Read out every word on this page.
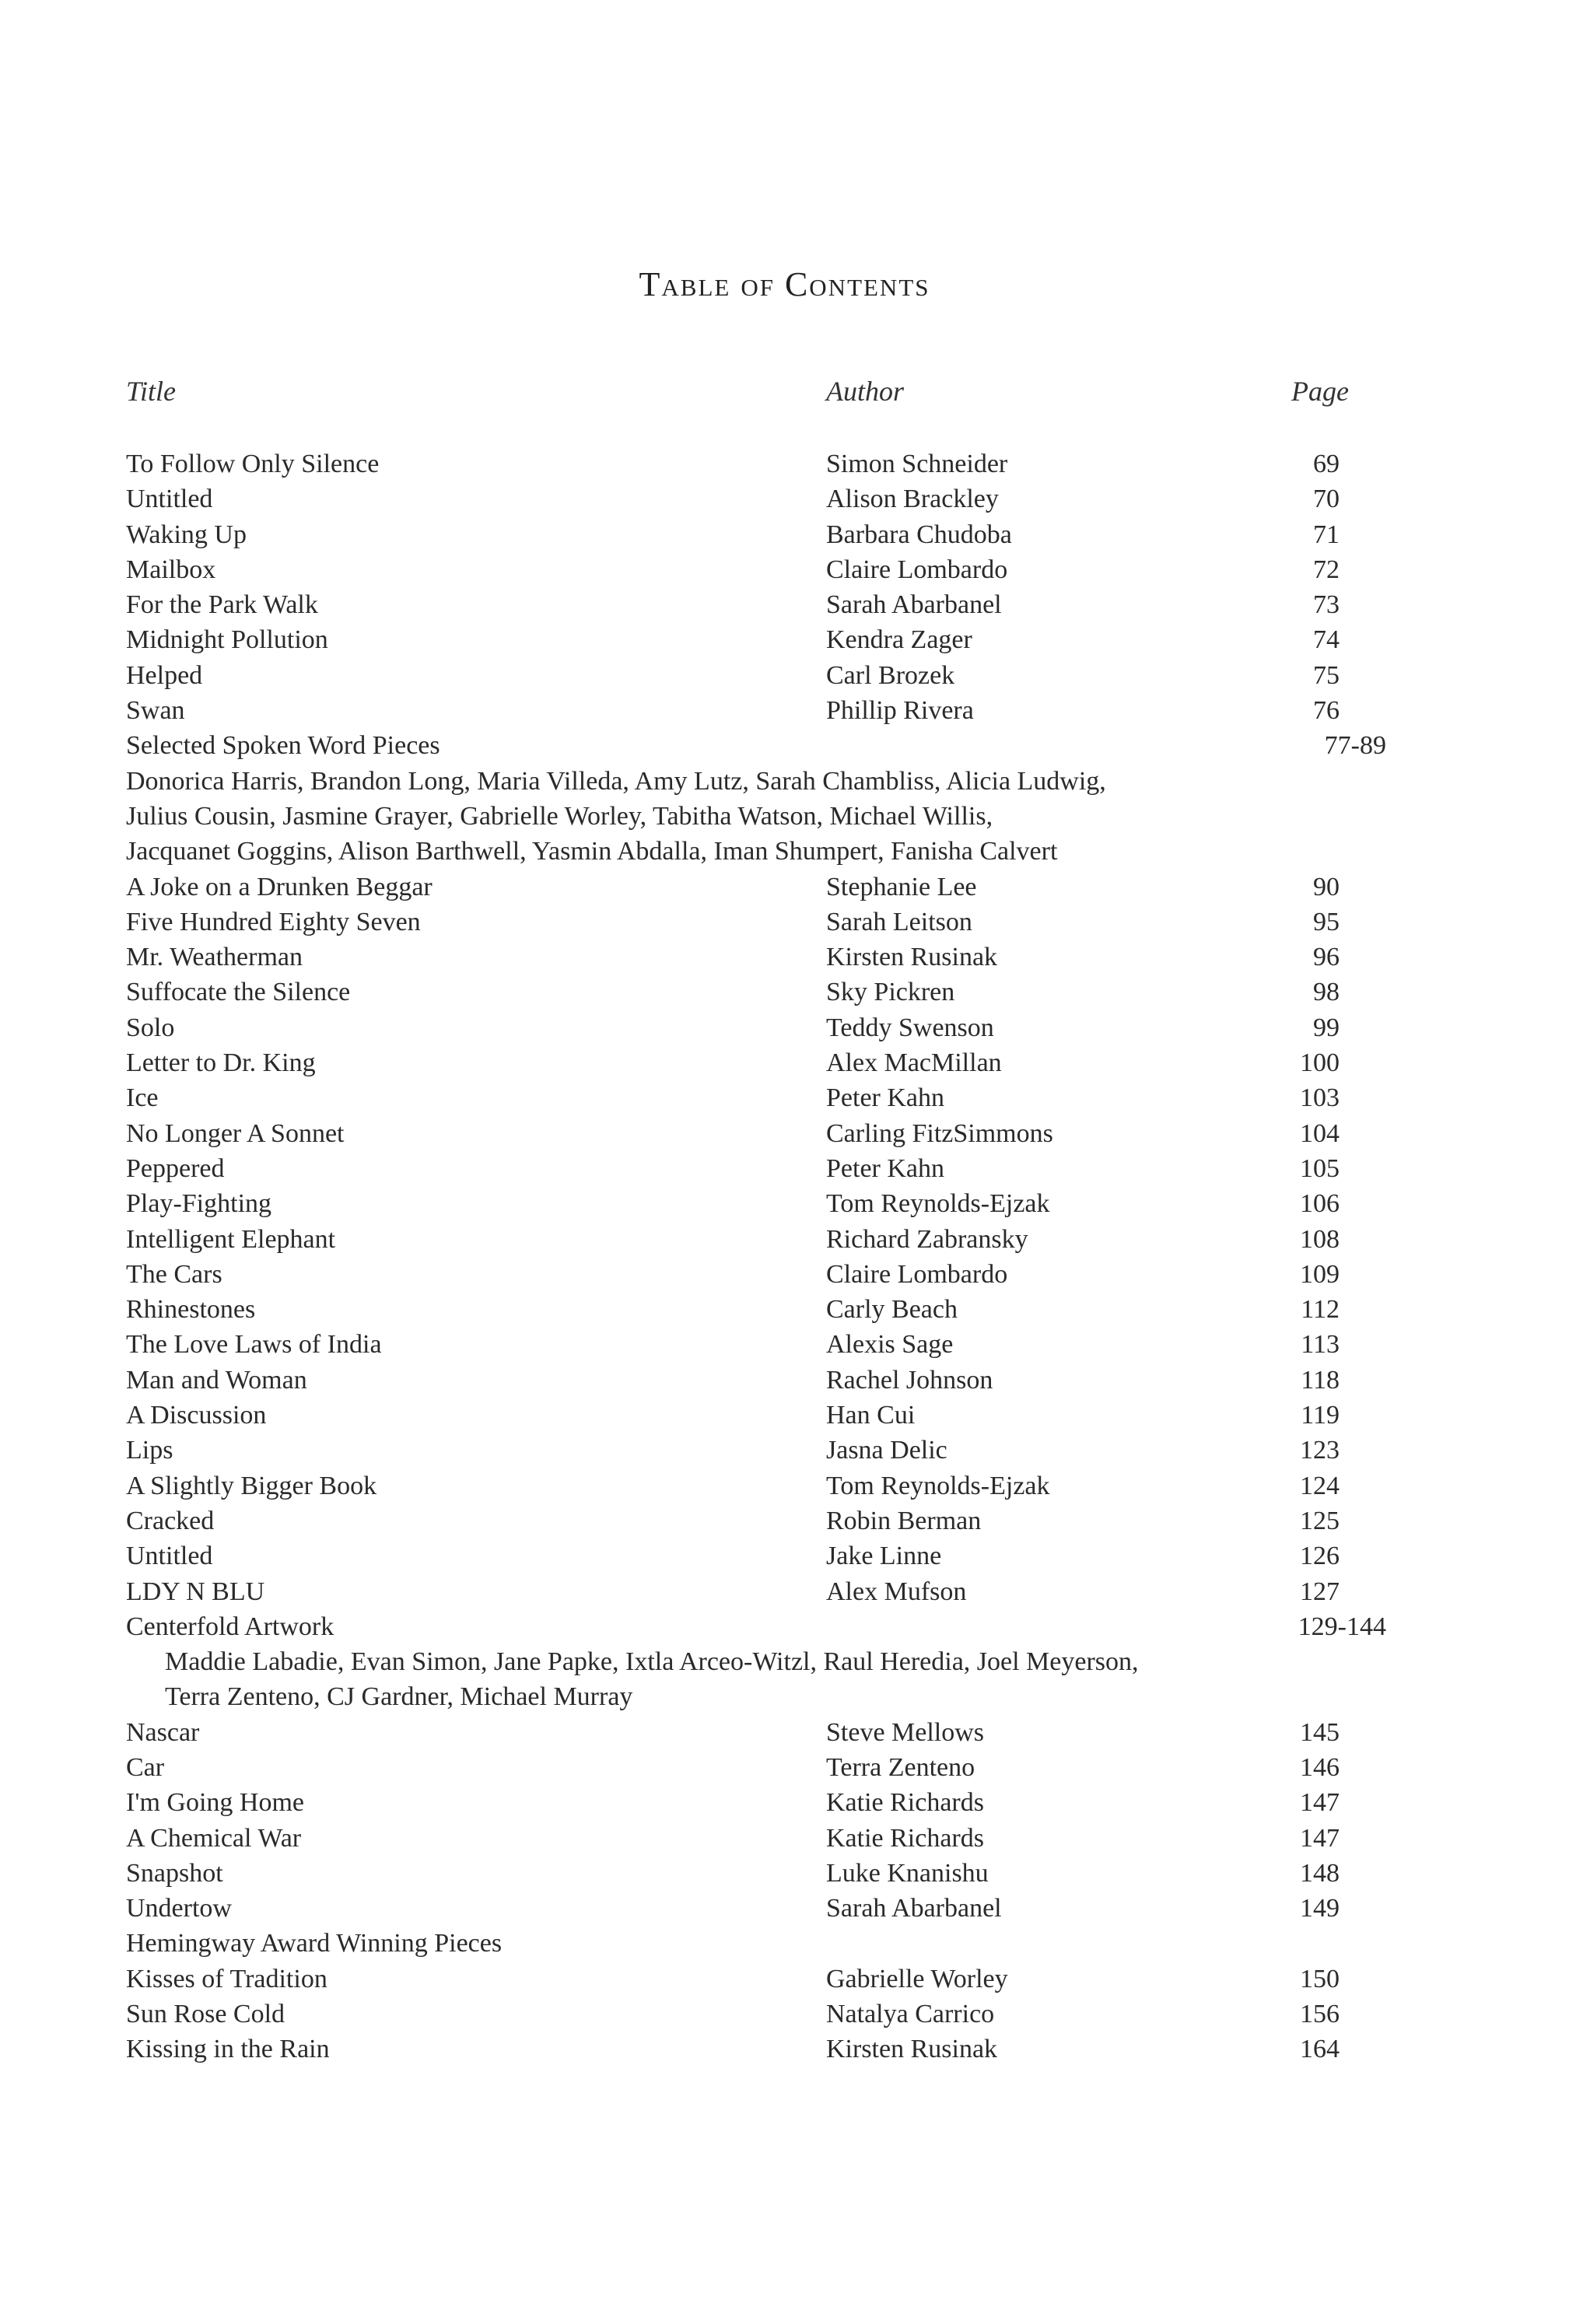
Table of Contents
Title	Author	Page
To Follow Only Silence	Simon Schneider	69
Untitled	Alison Brackley	70
Waking Up	Barbara Chudoba	71
Mailbox	Claire Lombardo	72
For the Park Walk	Sarah Abarbanel	73
Midnight Pollution	Kendra Zager	74
Helped	Carl Brozek	75
Swan	Phillip Rivera	76
Selected Spoken Word Pieces	77-89
Donorica Harris, Brandon Long, Maria Villeda, Amy Lutz, Sarah Chambliss, Alicia Ludwig,
Julius Cousin, Jasmine Grayer, Gabrielle Worley, Tabitha Watson, Michael Willis,
Jacquanet Goggins, Alison Barthwell, Yasmin Abdalla, Iman Shumpert, Fanisha Calvert
A Joke on a Drunken Beggar	Stephanie Lee	90
Five Hundred Eighty Seven	Sarah Leitson	95
Mr. Weatherman	Kirsten Rusinak	96
Suffocate the Silence	Sky Pickren	98
Solo	Teddy Swenson	99
Letter to Dr. King	Alex MacMillan	100
Ice	Peter Kahn	103
No Longer A Sonnet	Carling FitzSimmons	104
Peppered	Peter Kahn	105
Play-Fighting	Tom Reynolds-Ejzak	106
Intelligent Elephant	Richard Zabransky	108
The Cars	Claire Lombardo	109
Rhinestones	Carly Beach	112
The Love Laws of India	Alexis Sage	113
Man and Woman	Rachel Johnson	118
A Discussion	Han Cui	119
Lips	Jasna Delic	123
A Slightly Bigger Book	Tom Reynolds-Ejzak	124
Cracked	Robin Berman	125
Untitled	Jake Linne	126
LDY N BLU	Alex Mufson	127
Centerfold Artwork	129-144
Maddie Labadie, Evan Simon, Jane Papke, Ixtla Arceo-Witzl, Raul Heredia, Joel Meyerson,
Terra Zenteno, CJ Gardner, Michael Murray
Nascar	Steve Mellows	145
Car	Terra Zenteno	146
I'm Going Home	Katie Richards	147
A Chemical War	Katie Richards	147
Snapshot	Luke Knanishu	148
Undertow	Sarah Abarbanel	149
Hemingway Award Winning Pieces
Kisses of Tradition	Gabrielle Worley	150
Sun Rose Cold	Natalya Carrico	156
Kissing in the Rain	Kirsten Rusinak	164
